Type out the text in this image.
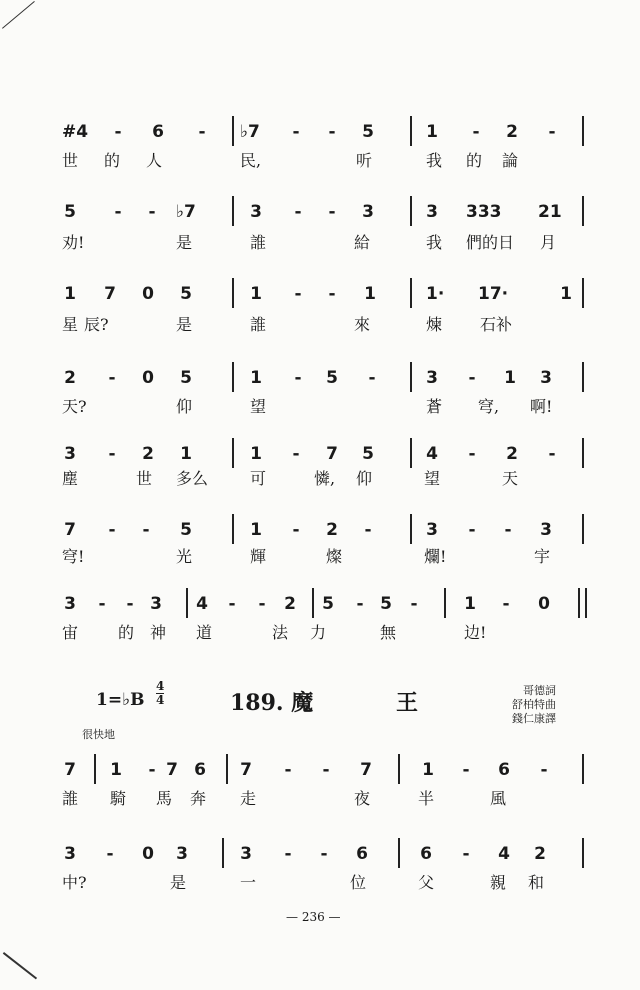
#4 - 6 - ♭7 - - 5	1 - 2 -
世 的 人	民,	听	我 的 論
5 - - ♭7	3 - - 3	3 333 21
劝!	是	誰	給	我 們的日 月
1 7 0 5	1 - - 1	1· 17·	1
星 辰?	是	誰	來	煉 石补
2 - 0 5	1 - 5 -	3 - 1 3
天?	仰	望	蒼 穹, 啊!
3 - 2 1	1 - 7 5	4 - 2 -
塵	世 多么	可	憐, 仰	望	天
7 - - 5	1 - 2 -	3 - - 3
穹!	光	輝	燦	爛!	宇
3 - - 3 4 - - 2 5 - 5 -	1 - 0
宙 的 神 道	法 力	無	边!
1=♭B
4
4	189. 魔	王	哥德詞
舒柏特曲
錢仁康譯
很快地
7 1 - 7 6 7 - - 7	1 - 6 -
誰 騎 馬 奔 走	夜	半	風
3 - 0 3	3 - - 6	6 - 4 2
中?	是	一	位	父	親 和
— 236 —
